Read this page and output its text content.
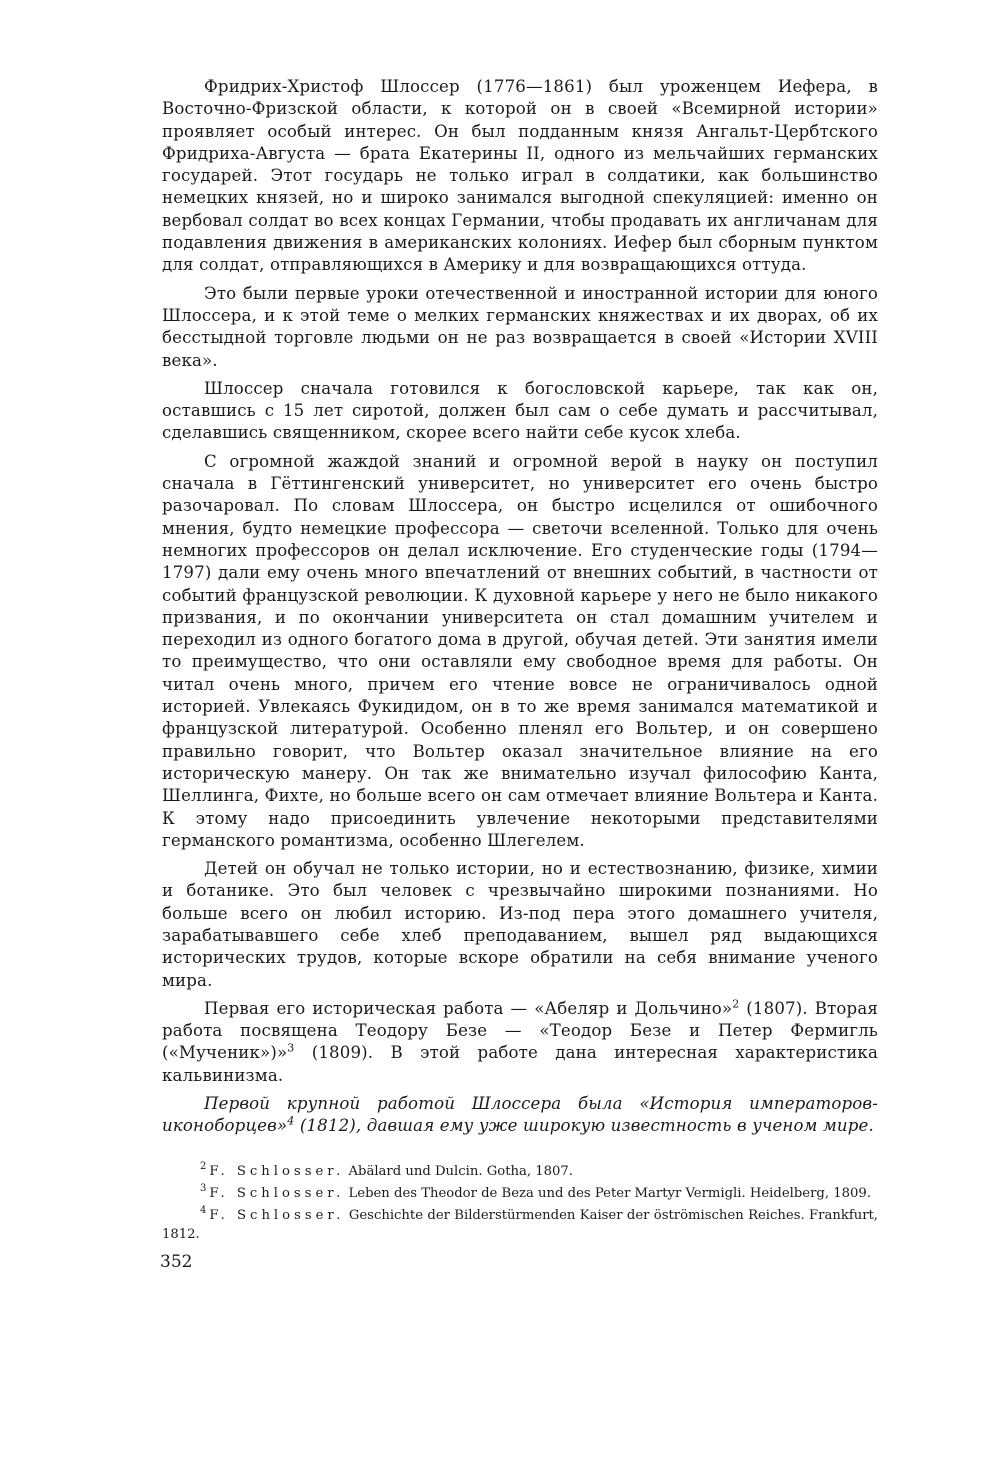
Фридрих-Христоф Шлоссер (1776—1861) был уроженцем Иефера, в Восточно-Фризской области, к которой он в своей «Всемирной истории» проявляет особый интерес. Он был подданным князя Ангальт-Цербтского Фридриха-Августа — брата Екатерины II, одного из мельчайших германских государей. Этот государь не только играл в солдатики, как большинство немецких князей, но и широко занимался выгодной спекуляцией: именно он вербовал солдат во всех концах Германии, чтобы продавать их англичанам для подавления движения в американских колониях. Иефер был сборным пунктом для солдат, отправляющихся в Америку и для возвращающихся оттуда.

Это были первые уроки отечественной и иностранной истории для юного Шлоссера, и к этой теме о мелких германских княжествах и их дворах, об их бесстыдной торговле людьми он не раз возвращается в своей «Истории XVIII века».

Шлоссер сначала готовился к богословской карьере, так как он, оставшись с 15 лет сиротой, должен был сам о себе думать и рассчитывал, сделавшись священником, скорее всего найти себе кусок хлеба.

С огромной жаждой знаний и огромной верой в науку он поступил сначала в Гёттингенский университет, но университет его очень быстро разочаровал. По словам Шлоссера, он быстро исцелился от ошибочного мнения, будто немецкие профессора — светочи вселенной. Только для очень немногих профессоров он делал исключение. Его студенческие годы (1794—1797) дали ему очень много впечатлений от внешних событий, в частности от событий французской революции. К духовной карьере у него не было никакого призвания, и по окончании университета он стал домашним учителем и переходил из одного богатого дома в другой, обучая детей. Эти занятия имели то преимущество, что они оставляли ему свободное время для работы. Он читал очень много, причем его чтение вовсе не ограничивалось одной историей. Увлекаясь Фукидидом, он в то же время занимался математикой и французской литературой. Особенно пленял его Вольтер, и он совершено правильно говорит, что Вольтер оказал значительное влияние на его историческую манеру. Он так же внимательно изучал философию Канта, Шеллинга, Фихте, но больше всего он сам отмечает влияние Вольтера и Канта. К этому надо присоединить увлечение некоторыми представителями германского романтизма, особенно Шлегелем.

Детей он обучал не только истории, но и естествознанию, физике, химии и ботанике. Это был человек с чрезвычайно широкими познаниями. Но больше всего он любил историю. Из-под пера этого домашнего учителя, зарабатывавшего себе хлеб преподаванием, вышел ряд выдающихся исторических трудов, которые вскоре обратили на себя внимание ученого мира.

Первая его историческая работа — «Абеляр и Дольчино»$^2$ (1807). Вторая работа посвящена Теодору Безе — «Теодор Безе и Петер Фермигль («Мученик»)»$^3$ (1809). В этой работе дана интересная характеристика кальвинизма.

Первой крупной работой Шлоссера была «История императоров-иконоборцев»$^4$ (1812), давшая ему уже широкую известность в ученом мире.

$^2$ F. Schlosser. Abälard und Dulcin. Gotha, 1807.

$^3$ F. Schlosser. Leben des Theodor de Beza und des Peter Martyr Vermigli. Heidelberg, 1809.

$^4$ F. Schlosser. Geschichte der Bilderstürmenden Kaiser der öströmischen Reiches. Frankfurt, 1812.

352
